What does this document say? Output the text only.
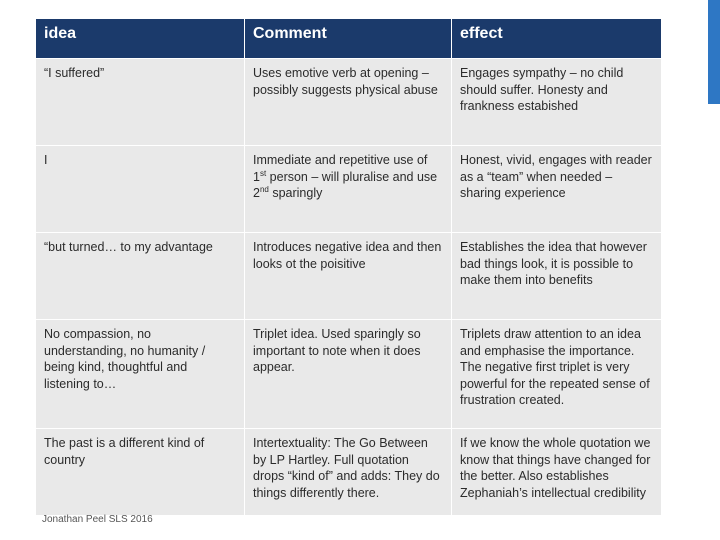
idea	Comment	effect
“I suffered”	Uses emotive verb at opening – possibly suggests physical abuse	Engages sympathy – no child should suffer. Honesty and frankness estabished
I	Immediate and repetitive use of 1st person – will pluralise and use 2nd sparingly	Honest, vivid, engages with reader as a “team” when needed – sharing experience
“but turned… to my advantage	Introduces negative idea and then looks ot the poisitive	Establishes the idea that however bad things look, it is possible to make them into benefits
No compassion, no understanding, no humanity / being kind, thoughtful and listening to…	Triplet idea. Used sparingly so important to note when it does appear.	Triplets draw attention to an idea and emphasise the importance. The negative first triplet is very powerful for the repeated sense of frustration created.
The past is a different kind of country	Intertextuality: The Go Between by LP Hartley. Full quotation drops “kind of” and adds: They do things differently there.	If we know the whole quotation we know that things have changed for the better. Also establishes Zephaniah’s intellectual credibility
Jonathan Peel SLS 2016
